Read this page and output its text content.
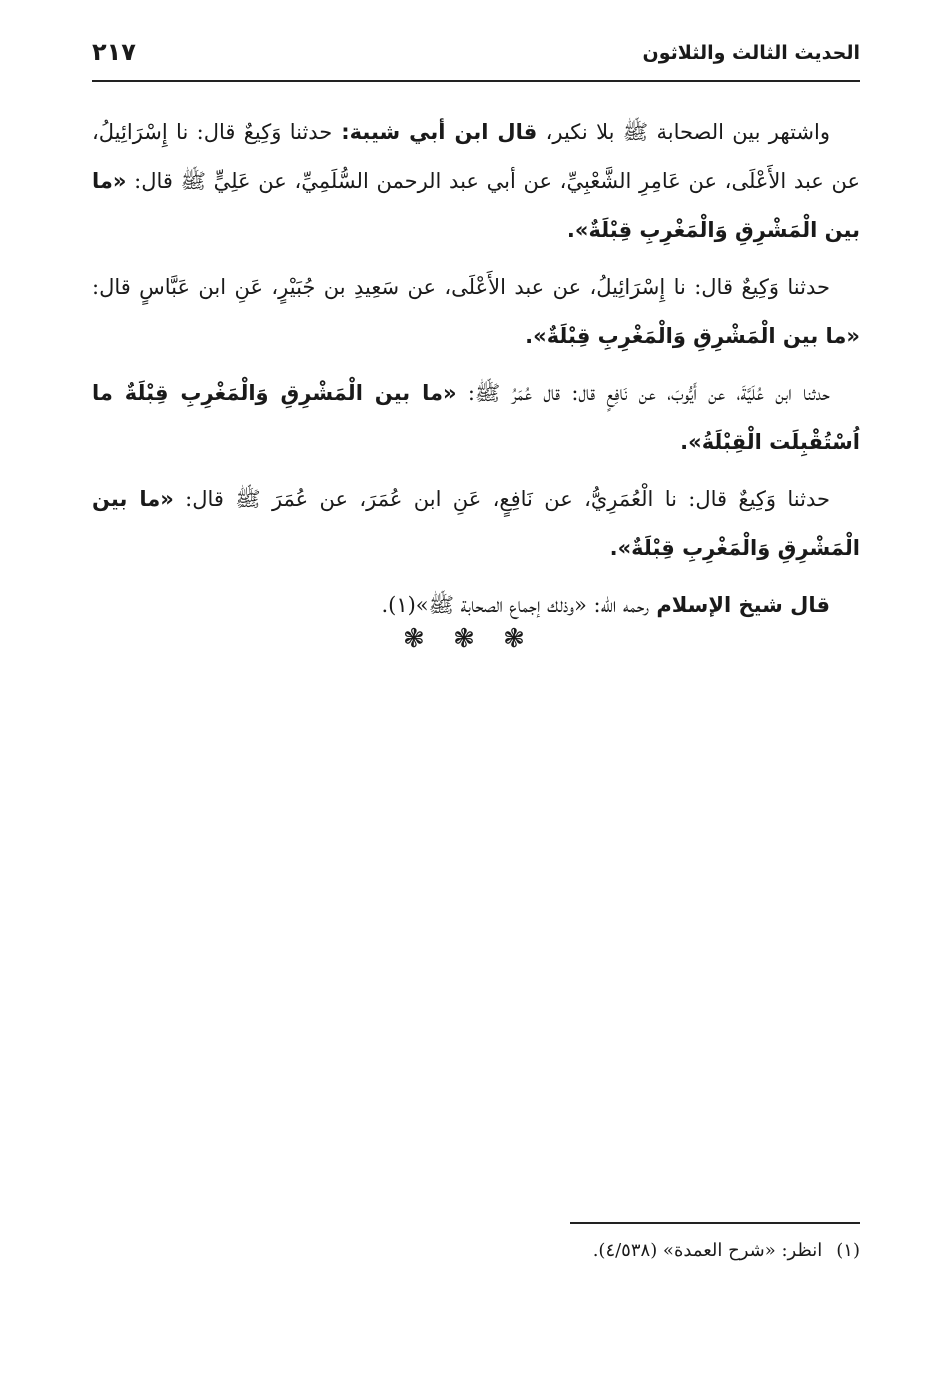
الحديث الثالث والثلاثون
٢١٧

واشتهر بين الصحابة ﷺ بلا نكير، قال ابن أبي شيبة: حدثنا وَكِيعٌ قال: نا إِسْرَائِيلُ، عن عبد الأَعْلَى، عن عَامِرِ الشَّعْبِيِّ، عن أبي عبد الرحمن السُّلَمِيِّ، عن عَلِيٍّ ﷺ قال: «ما بين الْمَشْرِقِ وَالْمَغْرِبِ قِبْلَةٌ».

حدثنا وَكِيعٌ قال: نا إِسْرَائِيلُ، عن عبد الأَعْلَى، عن سَعِيدِ بن جُبَيْرٍ، عَنِ ابن عَبَّاسٍ قال: «ما بين الْمَشْرِقِ وَالْمَغْرِبِ قِبْلَةٌ».

حدثنا ابن عُلَيَّةَ، عن أَيُّوبَ، عن نَافِعٍ قال: قال عُمَرُ ﷺ: «ما بين الْمَشْرِقِ وَالْمَغْرِبِ قِبْلَةٌ ما اُسْتُقْبِلَت الْقِبْلَةُ».

حدثنا وَكِيعٌ قال: نا الْعُمَرِيُّ، عن نَافِعٍ، عَنِ ابن عُمَرَ، عن عُمَرَ ﷺ قال: «ما بين الْمَشْرِقِ وَالْمَغْرِبِ قِبْلَةٌ».

قال شيخ الإسلام رحمه الله: «وذلك إجماع الصحابة ﷺ»(١).

❃ ❃ ❃
(١)انظر: «شرح العمدة» (٤/٥٣٨).
